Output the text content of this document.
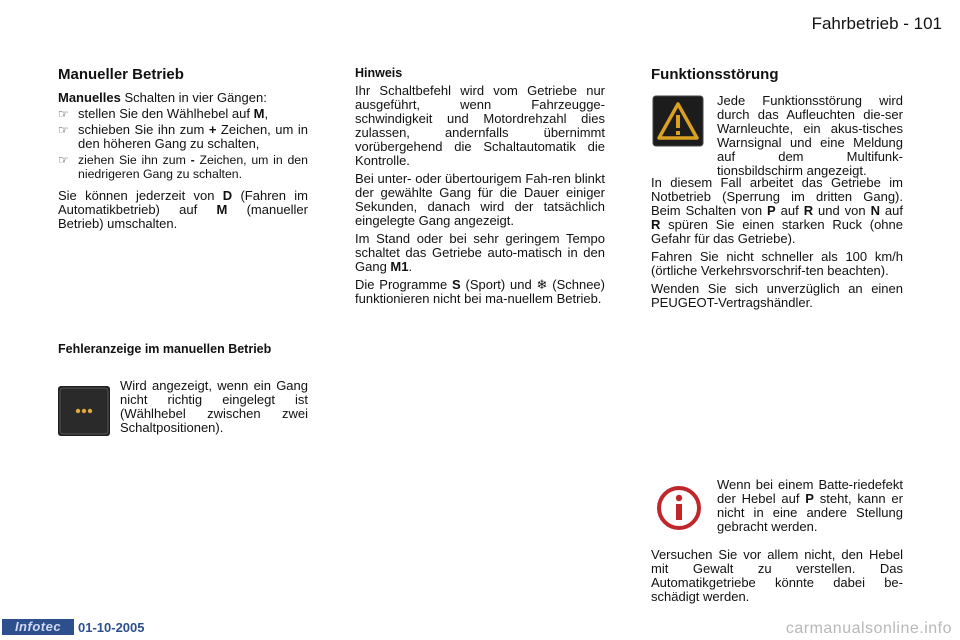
Fahrbetrieb - 101
Manueller Betrieb
Manuelles Schalten in vier Gängen:
☞ stellen Sie den Wählhebel auf M,
☞ schieben Sie ihn zum + Zeichen, um in den höheren Gang zu schalten,
☞ ziehen Sie ihn zum - Zeichen, um in den niedrigeren Gang zu schalten.
Sie können jederzeit von D (Fahren im Automatikbetrieb) auf M (manueller Betrieb) umschalten.
Fehleranzeige im manuellen Betrieb
Wird angezeigt, wenn ein Gang nicht richtig eingelegt ist (Wählhebel zwischen zwei Schaltpositionen).
Hinweis

Ihr Schaltbefehl wird vom Getriebe nur ausgeführt, wenn Fahrzeugge-schwindigkeit und Motordrehzahl dies zulassen, andernfalls übernimmt vorübergehend die Schaltautomatik die Kontrolle.

Bei unter- oder übertourigem Fah-ren blinkt der gewählte Gang für die Dauer einiger Sekunden, danach wird der tatsächlich eingelegte Gang angezeigt.

Im Stand oder bei sehr geringem Tempo schaltet das Getriebe auto-matisch in den Gang M1.

Die Programme S (Sport) und ❄ (Schnee) funktionieren nicht bei ma-nuellem Betrieb.

Funktionsstörung
Jede Funktionsstörung wird durch das Aufleuchten die-ser Warnleuchte, ein akus-tisches Warnsignal und eine Meldung auf dem Multifunk-tionsbildschirm angezeigt.

In diesem Fall arbeitet das Getriebe im Notbetrieb (Sperrung im dritten Gang). Beim Schalten von P auf R und von N auf R spüren Sie einen starken Ruck (ohne Gefahr für das Getriebe).

Fahren Sie nicht schneller als 100 km/h (örtliche Verkehrsvorschrif-ten beachten).

Wenden Sie sich unverzüglich an einen PEUGEOT-Vertragshändler.

Wenn bei einem Batte-riedefekt der Hebel auf P steht, kann er nicht in eine andere Stellung gebracht werden.
Versuchen Sie vor allem nicht, den Hebel mit Gewalt zu verstellen. Das Automatikgetriebe könnte dabei be-schädigt werden.
Infotec	01-10-2005	carmanualsonline.info
